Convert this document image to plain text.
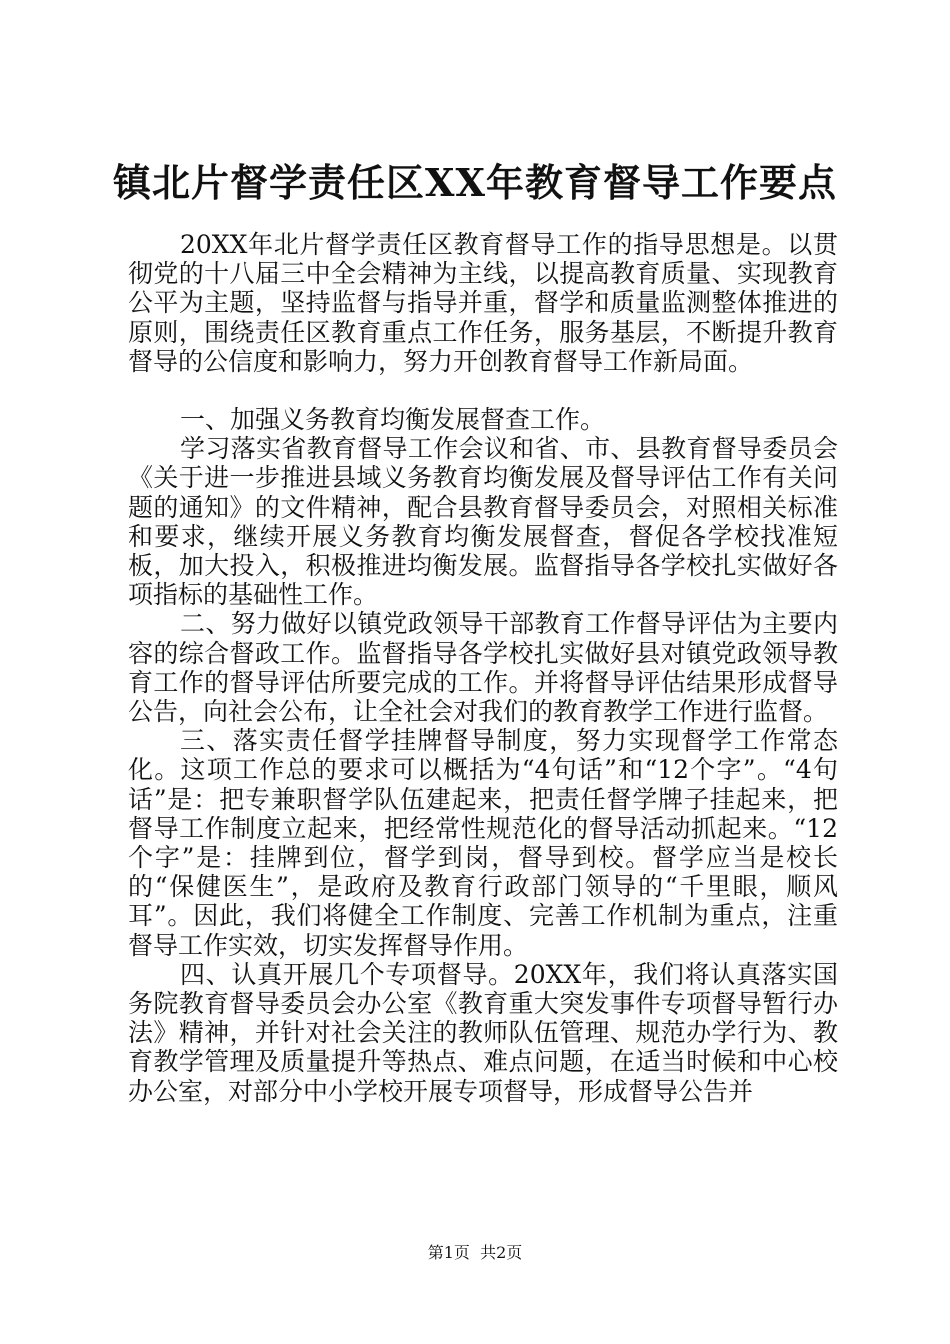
镇北片督学责任区XX年教育督导工作要点

20XX年北片督学责任区教育督导工作的指导思想是。以贯彻党的十八届三中全会精神为主线，以提高教育质量、实现教育公平为主题，坚持监督与指导并重，督学和质量监测整体推进的原则，围绕责任区教育重点工作任务，服务基层，不断提升教育督导的公信度和影响力，努力开创教育督导工作新局面。

一、加强义务教育均衡发展督查工作。

学习落实省教育督导工作会议和省、市、县教育督导委员会《关于进一步推进县域义务教育均衡发展及督导评估工作有关问题的通知》的文件精神，配合县教育督导委员会，对照相关标准和要求，继续开展义务教育均衡发展督查，督促各学校找准短板，加大投入，积极推进均衡发展。监督指导各学校扎实做好各项指标的基础性工作。

二、努力做好以镇党政领导干部教育工作督导评估为主要内容的综合督政工作。监督指导各学校扎实做好县对镇党政领导教育工作的督导评估所要完成的工作。并将督导评估结果形成督导公告，向社会公布，让全社会对我们的教育教学工作进行监督。

三、落实责任督学挂牌督导制度，努力实现督学工作常态化。这项工作总的要求可以概括为“4句话”和“12个字”。“4句话”是：把专兼职督学队伍建起来，把责任督学牌子挂起来，把督导工作制度立起来，把经常性规范化的督导活动抓起来。“12个字”是：挂牌到位，督学到岗，督导到校。督学应当是校长的“保健医生”，是政府及教育行政部门领导的“千里眼，顺风耳”。因此，我们将健全工作制度、完善工作机制为重点，注重督导工作实效，切实发挥督导作用。

四、认真开展几个专项督导。20XX年，我们将认真落实国务院教育督导委员会办公室《教育重大突发事件专项督导暂行办法》精神，并针对社会关注的教师队伍管理、规范办学行为、教育教学管理及质量提升等热点、难点问题，在适当时候和中心校办公室，对部分中小学校开展专项督导，形成督导公告并

第1页 共2页
